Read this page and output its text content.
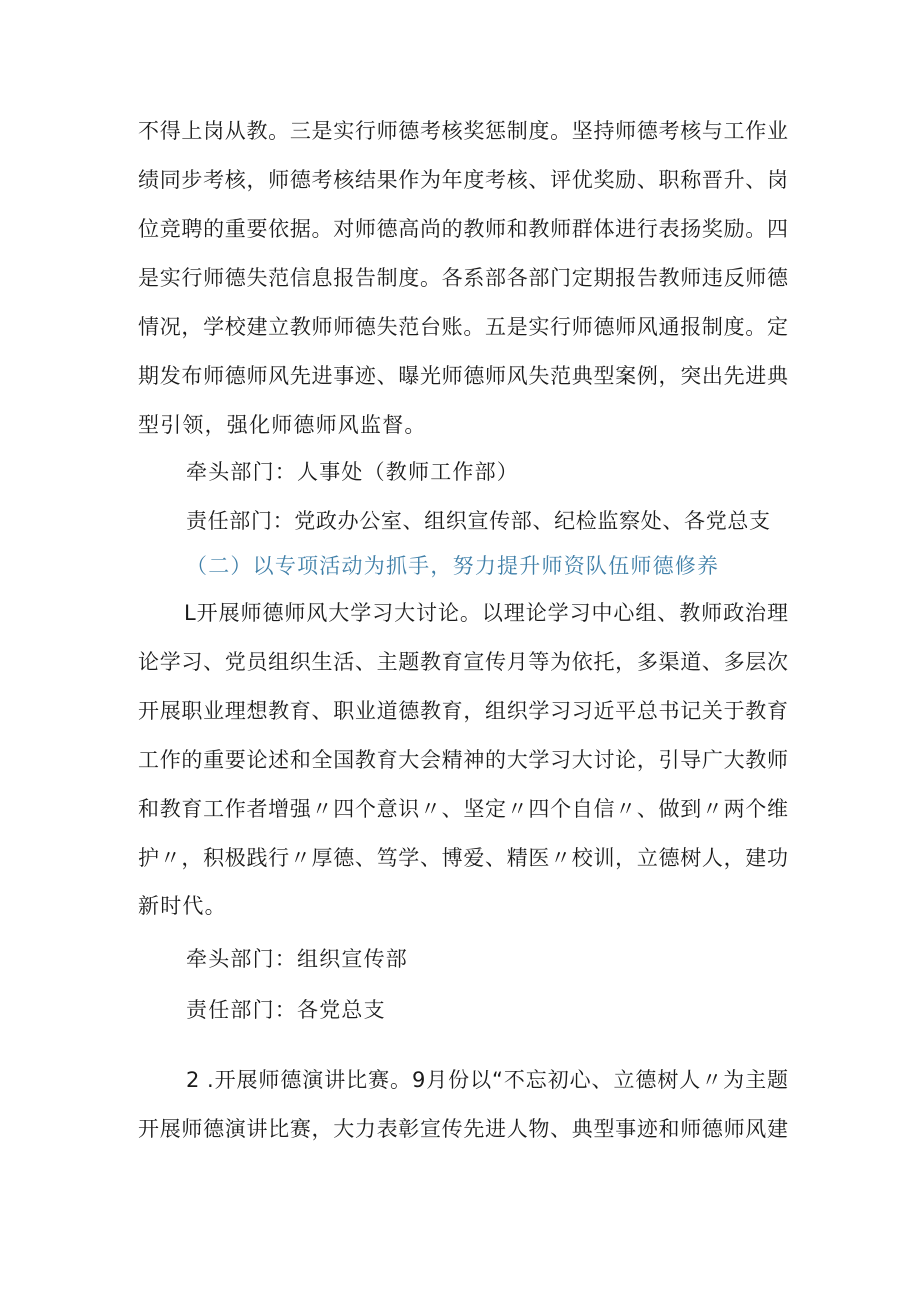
不得上岗从教。三是实行师德考核奖惩制度。坚持师德考核与工作业
绩同步考核，师德考核结果作为年度考核、评优奖励、职称晋升、岗
位竞聘的重要依据。对师德高尚的教师和教师群体进行表扬奖励。四
是实行师德失范信息报告制度。各系部各部门定期报告教师违反师德
情况，学校建立教师师德失范台账。五是实行师德师风通报制度。定
期发布师德师风先进事迹、曝光师德师风失范典型案例，突出先进典
型引领，强化师德师风监督。
牵头部门：人事处（教师工作部）
责任部门：党政办公室、组织宣传部、纪检监察处、各党总支
（二）以专项活动为抓手，努力提升师资队伍师德修养
L开展师德师风大学习大讨论。以理论学习中心组、教师政治理
论学习、党员组织生活、主题教育宣传月等为依托，多渠道、多层次
开展职业理想教育、职业道德教育，组织学习习近平总书记关于教育
工作的重要论述和全国教育大会精神的大学习大讨论，引导广大教师
和教育工作者增强〃四个意识〃、坚定〃四个自信〃、做到〃两个维
护〃，积极践行〃厚德、笃学、博爱、精医〃校训，立德树人，建功
新时代。
牵头部门：组织宣传部
责任部门：各党总支
2 .开展师德演讲比赛。9月份以“不忘初心、立德树人〃为主题
开展师德演讲比赛，大力表彰宣传先进人物、典型事迹和师德师风建
